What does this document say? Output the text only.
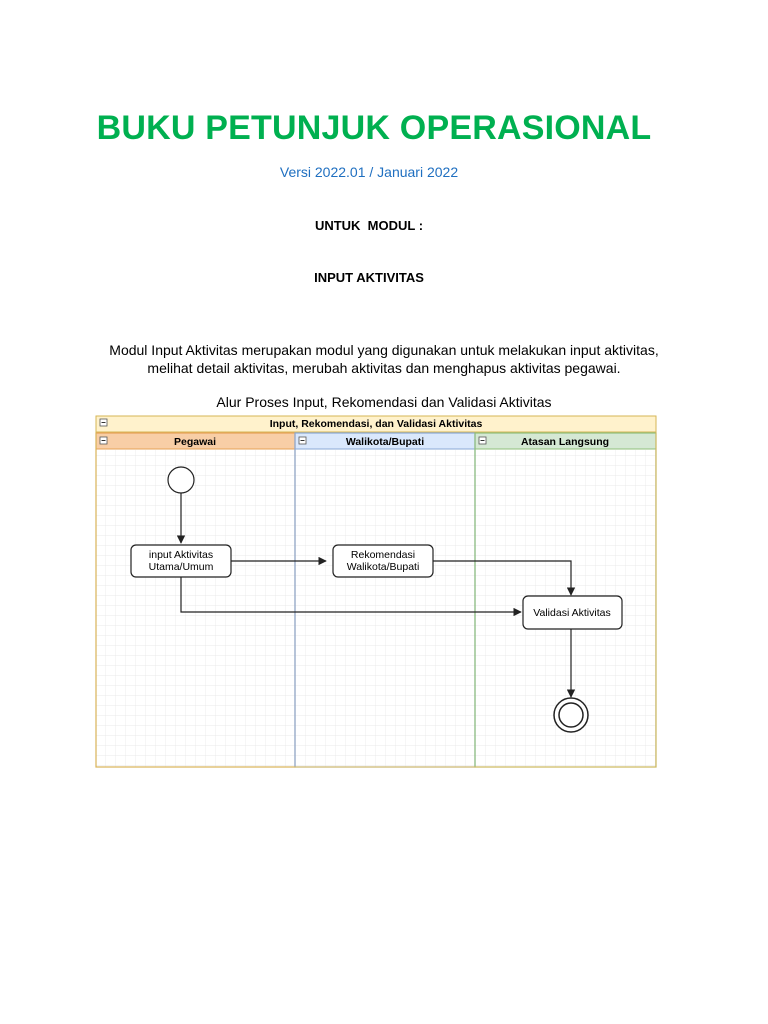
BUKU PETUNJUK OPERASIONAL
Versi 2022.01 / Januari 2022
UNTUK  MODUL :
INPUT AKTIVITAS
Modul Input Aktivitas merupakan modul yang digunakan untuk melakukan input aktivitas,
melihat detail aktivitas, merubah aktivitas dan menghapus aktivitas pegawai.
Alur Proses Input, Rekomendasi dan Validasi Aktivitas
Input, Rekomendasi, dan Validasi Aktivitas
Pegawai	Walikota/Bupati	Atasan Langsung
input Aktivitas
Utama/Umum
Rekomendasi
Walikota/Bupati
Validasi Aktivitas
